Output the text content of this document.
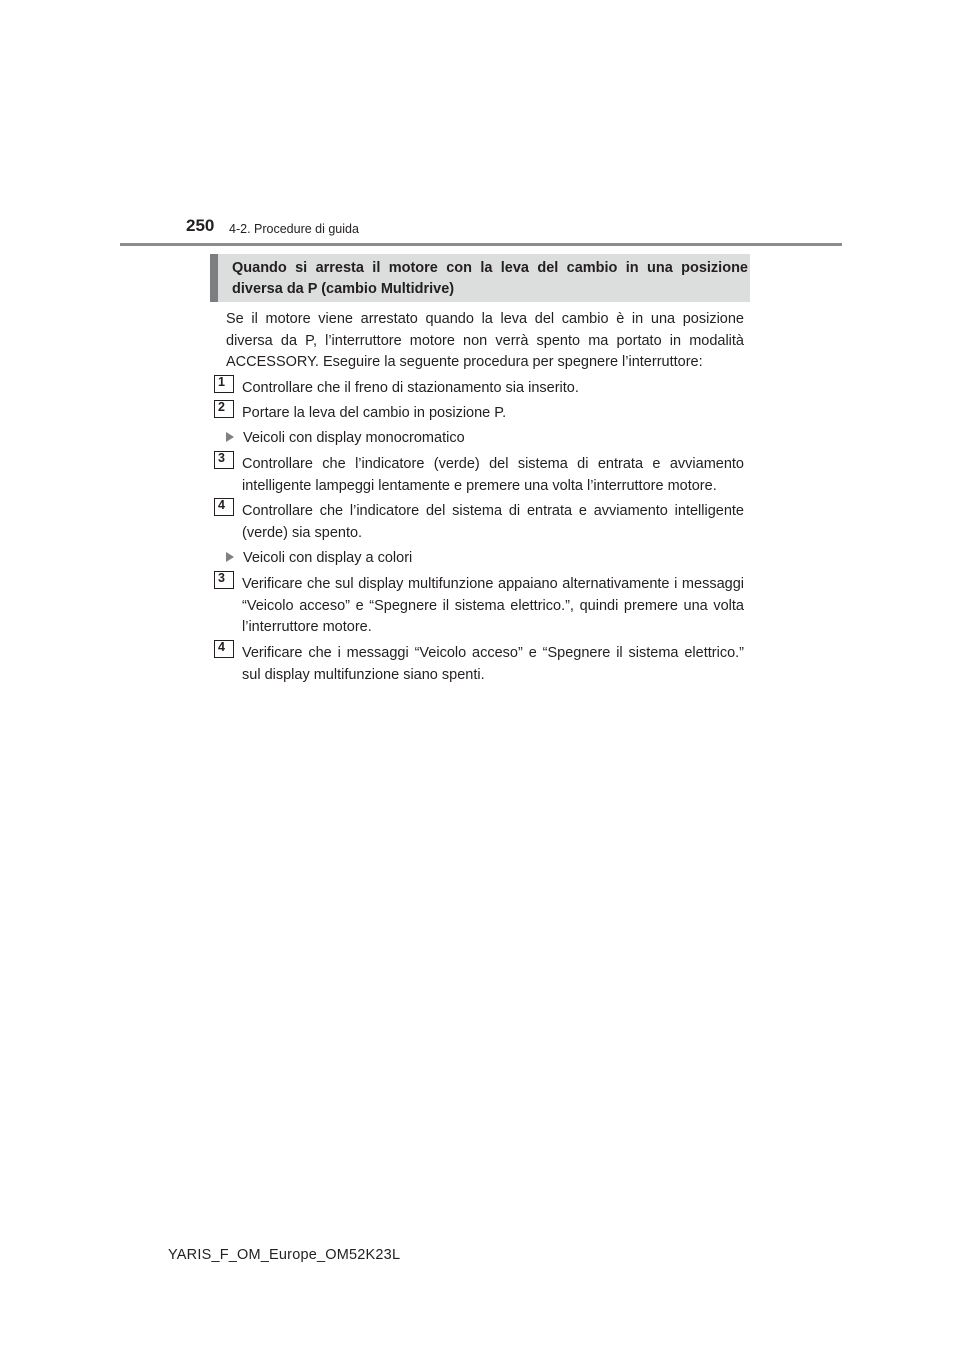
250 4-2. Procedure di guida
Quando si arresta il motore con la leva del cambio in una posizione diversa da P (cambio Multidrive)
Se il motore viene arrestato quando la leva del cambio è in una posizione diversa da P, l’interruttore motore non verrà spento ma portato in modalità ACCESSORY. Eseguire la seguente procedura per spegnere l’interruttore:
1 Controllare che il freno di stazionamento sia inserito.
2 Portare la leva del cambio in posizione P.
Veicoli con display monocromatico
3 Controllare che l’indicatore (verde) del sistema di entrata e avviamento intelligente lampeggi lentamente e premere una volta l’interruttore motore.
4 Controllare che l’indicatore del sistema di entrata e avviamento intelligente (verde) sia spento.
Veicoli con display a colori
3 Verificare che sul display multifunzione appaiano alternativamente i messaggi “Veicolo acceso” e “Spegnere il sistema elettrico.”, quindi premere una volta l’interruttore motore.
4 Verificare che i messaggi “Veicolo acceso” e “Spegnere il sistema elettrico.” sul display multifunzione siano spenti.
YARIS_F_OM_Europe_OM52K23L
